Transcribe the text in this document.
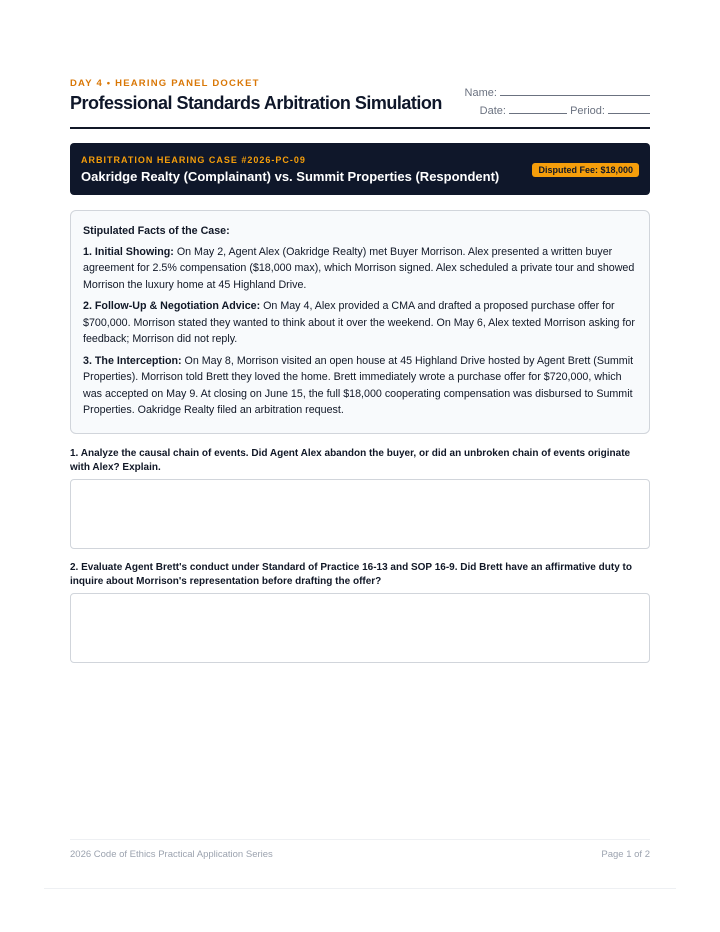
DAY 4 • HEARING PANEL DOCKET
Professional Standards Arbitration Simulation Name:
Date:	Period:
ARBITRATION HEARING CASE #2026-PC-09
Oakridge Realty (Complainant) vs. Summit Properties (Respondent)	Disputed Fee: $18,000
Stipulated Facts of the Case:

1. Initial Showing: On May 2, Agent Alex (Oakridge Realty) met Buyer Morrison. Alex presented a written buyer agreement for 2.5% compensation ($18,000 max), which Morrison signed. Alex scheduled a private tour and showed Morrison the luxury home at 45 Highland Drive.

2. Follow-Up & Negotiation Advice: On May 4, Alex provided a CMA and drafted a proposed purchase offer for $700,000. Morrison stated they wanted to think about it over the weekend. On May 6, Alex texted Morrison asking for feedback; Morrison did not reply.

3. The Interception: On May 8, Morrison visited an open house at 45 Highland Drive hosted by Agent Brett (Summit Properties). Morrison told Brett they loved the home. Brett immediately wrote a purchase offer for $720,000, which was accepted on May 9. At closing on June 15, the full $18,000 cooperating compensation was disbursed to Summit Properties. Oakridge Realty filed an arbitration request.

1. Analyze the causal chain of events. Did Agent Alex abandon the buyer, or did an unbroken chain of events originate with Alex? Explain.
2. Evaluate Agent Brett's conduct under Standard of Practice 16-13 and SOP 16-9. Did Brett have an affirmative duty to inquire about Morrison's representation before drafting the offer?
2026 Code of Ethics Practical Application Series	Page 1 of 2
